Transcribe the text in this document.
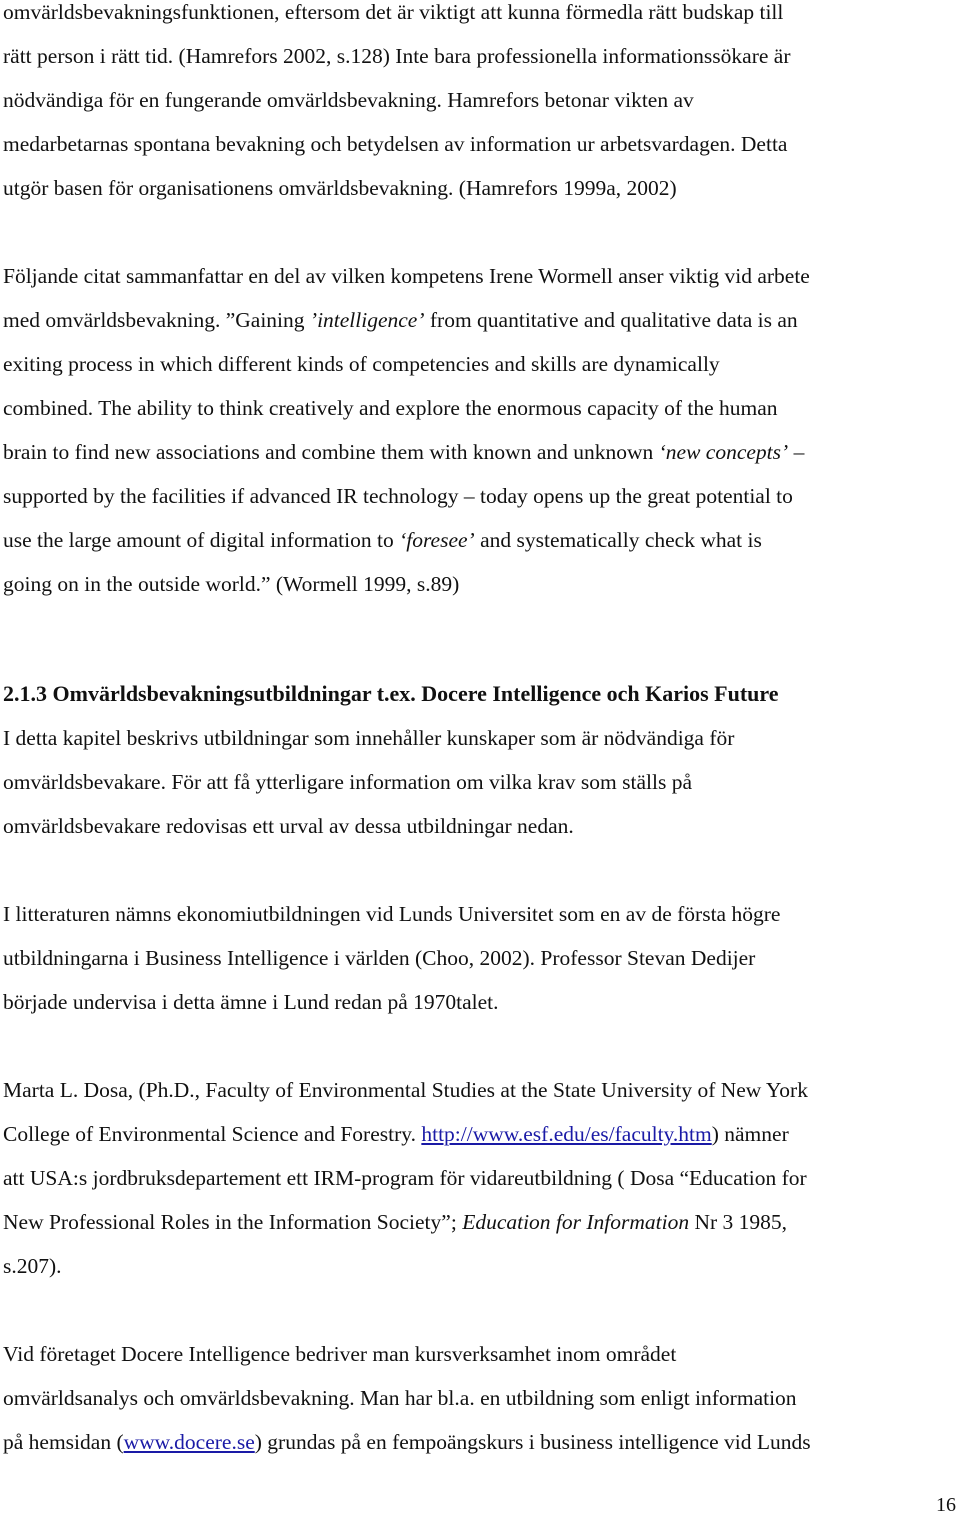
omvärldsbevakningsfunktionen, eftersom det är viktigt att kunna förmedla rätt budskap till

rätt person i rätt tid. (Hamrefors 2002, s.128) Inte bara professionella informationssökare är

nödvändiga för en fungerande omvärldsbevakning. Hamrefors betonar vikten av

medarbetarnas spontana bevakning och betydelsen av information ur arbetsvardagen. Detta

utgör basen för organisationens omvärldsbevakning. (Hamrefors 1999a, 2002)

Följande citat sammanfattar en del av vilken kompetens Irene Wormell anser viktig vid arbete

med omvärldsbevakning. ”Gaining ’intelligence’ from quantitative and qualitative data is an

exiting process in which different kinds of competencies and skills are dynamically

combined. The ability to think creatively and explore the enormous capacity of the human

brain to find new associations and combine them with known and unknown ‘new concepts’ –

supported by the facilities if advanced IR technology – today opens up the great potential to

use the large amount of digital information to ‘foresee’ and systematically check what is

going on in the outside world.” (Wormell 1999, s.89)

2.1.3 Omvärldsbevakningsutbildningar t.ex. Docere Intelligence och Karios Future

I detta kapitel beskrivs utbildningar som innehåller kunskaper som är nödvändiga för

omvärldsbevakare. För att få ytterligare information om vilka krav som ställs på

omvärldsbevakare redovisas ett urval av dessa utbildningar nedan.

I litteraturen nämns ekonomiutbildningen vid Lunds Universitet som en av de första högre

utbildningarna i Business Intelligence i världen (Choo, 2002). Professor Stevan Dedijer

började undervisa i detta ämne i Lund redan på 1970talet.

Marta L. Dosa, (Ph.D., Faculty of Environmental Studies at the State University of New York

College of Environmental Science and Forestry. http://www.esf.edu/es/faculty.htm) nämner

att USA:s jordbruksdepartement ett IRM-program för vidareutbildning ( Dosa “Education for

New Professional Roles in the Information Society”; Education for Information Nr 3 1985,

s.207).

Vid företaget Docere Intelligence bedriver man kursverksamhet inom området

omvärldsanalys och omvärldsbevakning. Man har bl.a. en utbildning som enligt information

på hemsidan (www.docere.se) grundas på en fempoängskurs i business intelligence vid Lunds

16
